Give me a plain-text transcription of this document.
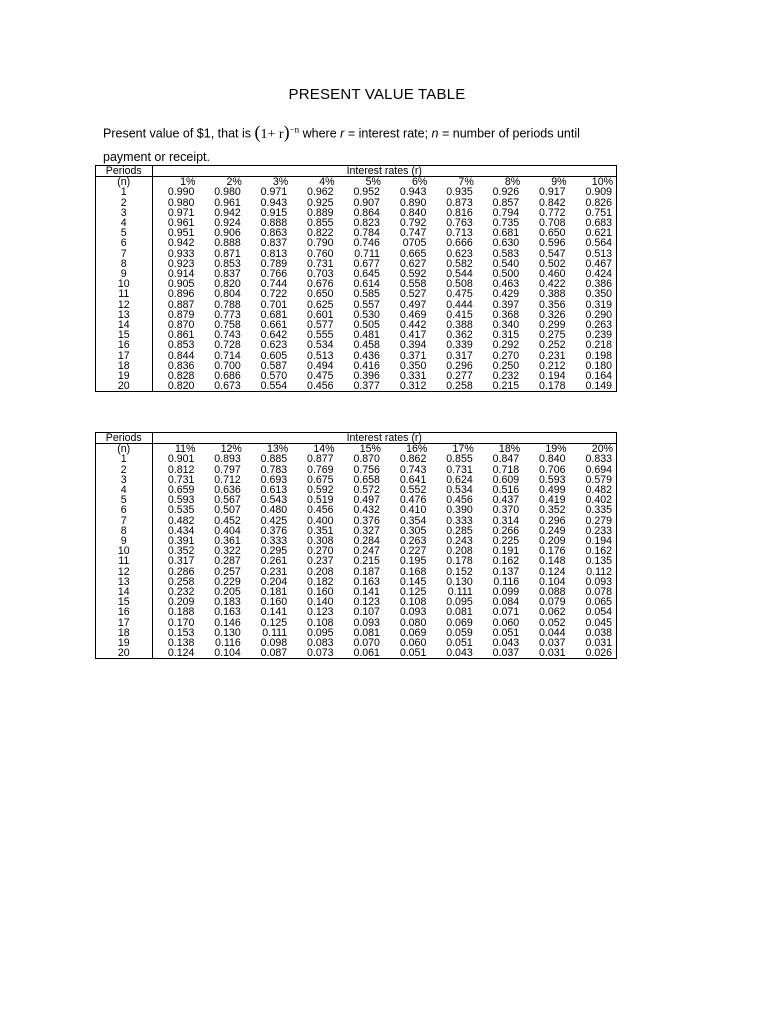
PRESENT VALUE TABLE
Present value of $1, that is $(1+ r)^{-n}$ where r = interest rate; n = number of periods until payment or receipt.
Periods	Interest rates (r)									
(n)	1%	2%	3%	4%	5%	6%	7%	8%	9%	10%
1	0.990	0.980	0.971	0.962	0.952	0.943	0.935	0.926	0.917	0.909
2	0.980	0.961	0.943	0.925	0.907	0.890	0.873	0.857	0.842	0.826
3	0.971	0.942	0.915	0.889	0.864	0.840	0.816	0.794	0.772	0.751
4	0.961	0.924	0.888	0.855	0.823	0.792	0.763	0.735	0.708	0.683
5	0.951	0.906	0.863	0.822	0.784	0.747	0.713	0.681	0.650	0.621
6	0.942	0.888	0.837	0.790	0.746	0705	0.666	0.630	0.596	0.564
7	0.933	0.871	0.813	0.760	0.711	0.665	0.623	0.583	0.547	0.513
8	0.923	0.853	0.789	0.731	0.677	0.627	0.582	0.540	0.502	0.467
9	0.914	0.837	0.766	0.703	0.645	0.592	0.544	0.500	0.460	0.424
10	0.905	0.820	0.744	0.676	0.614	0.558	0.508	0.463	0.422	0.386
11	0.896	0.804	0.722	0.650	0.585	0.527	0.475	0.429	0.388	0.350
12	0.887	0.788	0.701	0.625	0.557	0.497	0.444	0.397	0.356	0.319
13	0.879	0.773	0.681	0.601	0.530	0.469	0.415	0.368	0.326	0.290
14	0.870	0.758	0.661	0.577	0.505	0.442	0.388	0.340	0.299	0.263
15	0.861	0.743	0.642	0.555	0.481	0.417	0.362	0.315	0.275	0.239
16	0.853	0.728	0.623	0.534	0.458	0.394	0.339	0.292	0.252	0.218
17	0.844	0.714	0.605	0.513	0.436	0.371	0.317	0.270	0.231	0.198
18	0.836	0.700	0.587	0.494	0.416	0.350	0.296	0.250	0.212	0.180
19	0.828	0.686	0.570	0.475	0.396	0.331	0.277	0.232	0.194	0.164
20	0.820	0.673	0.554	0.456	0.377	0.312	0.258	0.215	0.178	0.149
Periods	Interest rates (r)									
(n)	11%	12%	13%	14%	15%	16%	17%	18%	19%	20%
1	0.901	0.893	0.885	0.877	0.870	0.862	0.855	0.847	0.840	0.833
2	0.812	0.797	0.783	0.769	0.756	0.743	0.731	0.718	0.706	0.694
3	0.731	0.712	0.693	0.675	0.658	0.641	0.624	0.609	0.593	0.579
4	0.659	0.636	0.613	0.592	0.572	0.552	0.534	0.516	0.499	0.482
5	0.593	0.567	0.543	0.519	0.497	0.476	0.456	0.437	0.419	0.402
6	0.535	0.507	0.480	0.456	0.432	0.410	0.390	0.370	0.352	0.335
7	0.482	0.452	0.425	0.400	0.376	0.354	0.333	0.314	0.296	0.279
8	0.434	0.404	0.376	0.351	0.327	0.305	0.285	0.266	0.249	0.233
9	0.391	0.361	0.333	0.308	0.284	0.263	0.243	0.225	0.209	0.194
10	0.352	0.322	0.295	0.270	0.247	0.227	0.208	0.191	0.176	0.162
11	0.317	0.287	0.261	0.237	0.215	0.195	0.178	0.162	0.148	0.135
12	0.286	0.257	0.231	0.208	0.187	0.168	0.152	0.137	0.124	0.112
13	0.258	0.229	0.204	0.182	0.163	0.145	0.130	0.116	0.104	0.093
14	0.232	0.205	0.181	0.160	0.141	0.125	0.111	0.099	0.088	0.078
15	0.209	0.183	0.160	0.140	0.123	0.108	0.095	0.084	0.079	0.065
16	0.188	0.163	0.141	0.123	0.107	0.093	0.081	0.071	0.062	0.054
17	0.170	0.146	0.125	0.108	0.093	0.080	0.069	0.060	0.052	0.045
18	0.153	0.130	0.111	0.095	0.081	0.069	0.059	0.051	0.044	0.038
19	0.138	0.116	0.098	0.083	0.070	0.060	0.051	0.043	0.037	0.031
20	0.124	0.104	0.087	0.073	0.061	0.051	0.043	0.037	0.031	0.026
